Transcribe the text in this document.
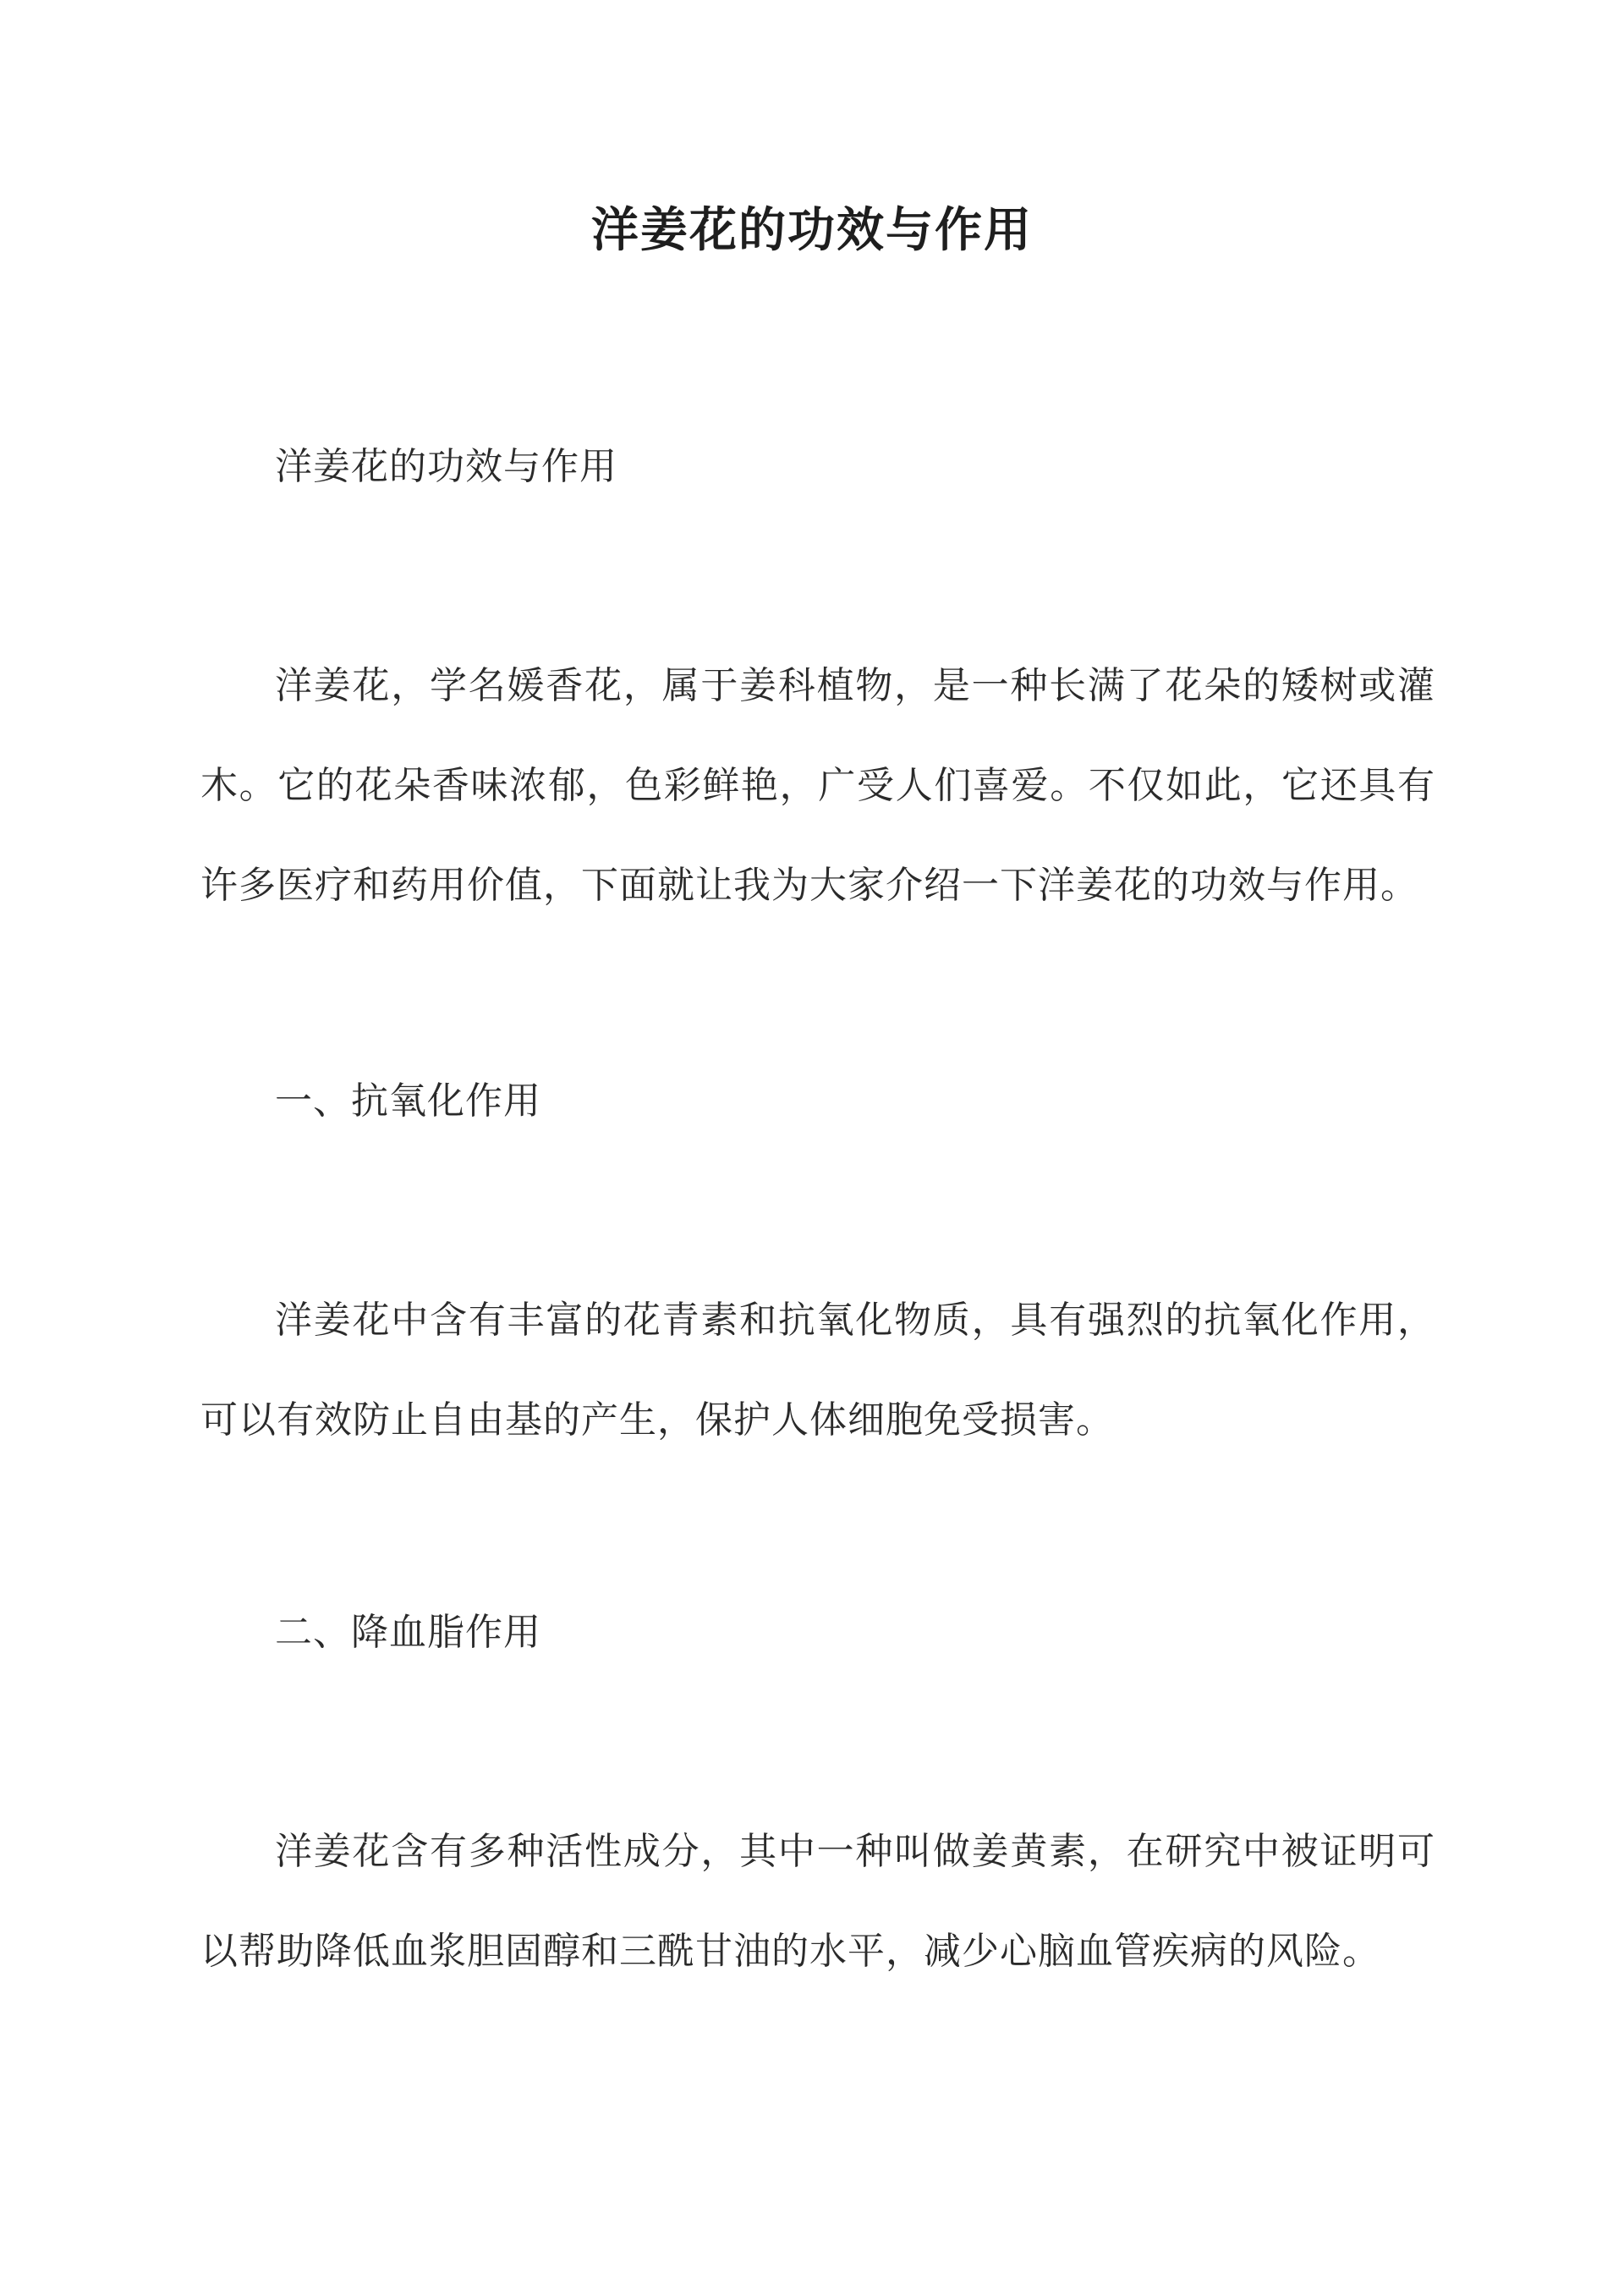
洋姜花的功效与作用

洋姜花的功效与作用

洋姜花，学名媛香花，属于姜科植物，是一种长满了花朵的矮树或灌木。它的花朵香味浓郁，色彩鲜艳，广受人们喜爱。不仅如此，它还具有许多医疗和药用价值，下面就让我为大家介绍一下洋姜花的功效与作用。

一、抗氧化作用

洋姜花中含有丰富的花青素和抗氧化物质，具有强烈的抗氧化作用，可以有效防止自由基的产生，保护人体细胞免受损害。

二、降血脂作用

洋姜花含有多种活性成分，其中一种叫做姜黄素，在研究中被证明可以帮助降低血浆胆固醇和三酰甘油的水平，减少心脑血管疾病的风险。
